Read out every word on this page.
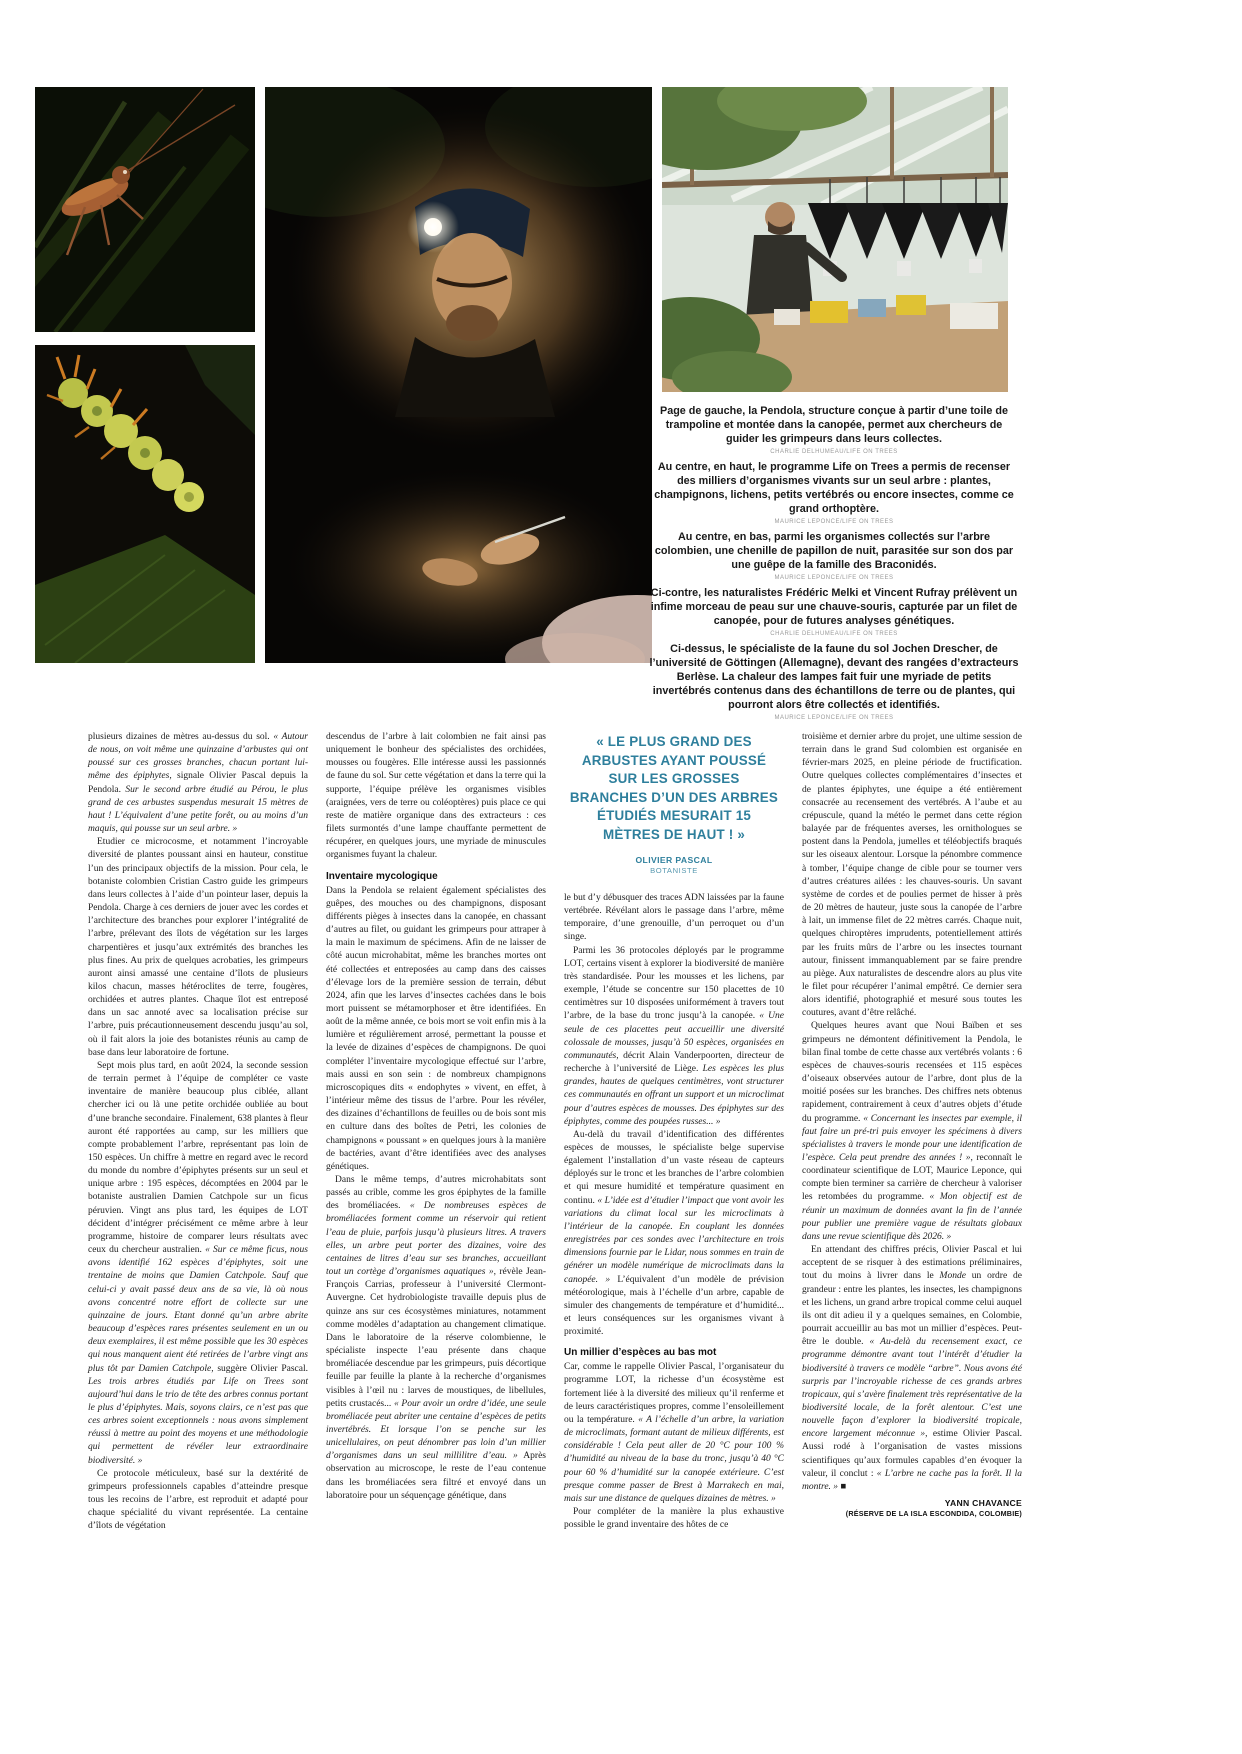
Page de gauche, la Pendola, structure conçue à partir d’une toile de trampoline et montée dans la canopée, permet aux chercheurs de guider les grimpeurs dans leurs collectes.

CHARLIE DELHUMEAU/LIFE ON TREES

Au centre, en haut, le programme Life on Trees a permis de recenser des milliers d’organismes vivants sur un seul arbre : plantes, champignons, lichens, petits vertébrés ou encore insectes, comme ce grand orthoptère.

MAURICE LEPONCE/LIFE ON TREES

Au centre, en bas, parmi les organismes collectés sur l’arbre colombien, une chenille de papillon de nuit, parasitée sur son dos par une guêpe de la famille des Braconidés.

MAURICE LEPONCE/LIFE ON TREES

Ci-contre, les naturalistes Frédéric Melki et Vincent Rufray prélèvent un infime morceau de peau sur une chauve-souris, capturée par un filet de canopée, pour de futures analyses génétiques.

CHARLIE DELHUMEAU/LIFE ON TREES

Ci-dessus, le spécialiste de la faune du sol Jochen Drescher, de l’université de Göttingen (Allemagne), devant des rangées d’extracteurs Berlèse. La chaleur des lampes fait fuir une myriade de petits invertébrés contenus dans des échantillons de terre ou de plantes, qui pourront alors être collectés et identifiés.

MAURICE LEPONCE/LIFE ON TREES

plusieurs dizaines de mètres au-dessus du sol. « Autour de nous, on voit même une quinzaine d’arbustes qui ont poussé sur ces grosses branches, chacun portant lui-même des épiphytes, signale Olivier Pascal depuis la Pendola. Sur le second arbre étudié au Pérou, le plus grand de ces arbustes suspendus mesurait 15 mètres de haut ! L’équivalent d’une petite forêt, ou au moins d’un maquis, qui pousse sur un seul arbre. »

Etudier ce microcosme, et notamment l’incroyable diversité de plantes poussant ainsi en hauteur, constitue l’un des principaux objectifs de la mission. Pour cela, le botaniste colombien Cristian Castro guide les grimpeurs dans leurs collectes à l’aide d’un pointeur laser, depuis la Pendola. Charge à ces derniers de jouer avec les cordes et l’architecture des branches pour explorer l’intégralité de l’arbre, prélevant des îlots de végétation sur les larges charpentières et jusqu’aux extrémités des branches les plus fines. Au prix de quelques acrobaties, les grimpeurs auront ainsi amassé une centaine d’îlots de plusieurs kilos chacun, masses hétéroclites de terre, fougères, orchidées et autres plantes. Chaque îlot est entreposé dans un sac annoté avec sa localisation précise sur l’arbre, puis précautionneusement descendu jusqu’au sol, où il fait alors la joie des botanistes réunis au camp de base dans leur laboratoire de fortune.

Sept mois plus tard, en août 2024, la seconde session de terrain permet à l’équipe de compléter ce vaste inventaire de manière beaucoup plus ciblée, allant chercher ici ou là une petite orchidée oubliée au bout d’une branche secondaire. Finalement, 638 plantes à fleur auront été rapportées au camp, sur les milliers que compte probablement l’arbre, représentant pas loin de 150 espèces. Un chiffre à mettre en regard avec le record du monde du nombre d’épiphytes présents sur un seul et unique arbre : 195 espèces, décomptées en 2004 par le botaniste australien Damien Catchpole sur un ficus péruvien. Vingt ans plus tard, les équipes de LOT décident d’intégrer précisément ce même arbre à leur programme, histoire de comparer leurs résultats avec ceux du chercheur australien. « Sur ce même ficus, nous avons identifié 162 espèces d’épiphytes, soit une trentaine de moins que Damien Catchpole. Sauf que celui-ci y avait passé deux ans de sa vie, là où nous avons concentré notre effort de collecte sur une quinzaine de jours. Etant donné qu’un arbre abrite beaucoup d’espèces rares présentes seulement en un ou deux exemplaires, il est même possible que les 30 espèces qui nous manquent aient été retirées de l’arbre vingt ans plus tôt par Damien Catchpole, suggère Olivier Pascal. Les trois arbres étudiés par Life on Trees sont aujourd’hui dans le trio de tête des arbres connus portant le plus d’épiphytes. Mais, soyons clairs, ce n’est pas que ces arbres soient exceptionnels : nous avons simplement réussi à mettre au point des moyens et une méthodologie qui permettent de révéler leur extraordinaire biodiversité. »

Ce protocole méticuleux, basé sur la dextérité de grimpeurs professionnels capables d’atteindre presque tous les recoins de l’arbre, est reproduit et adapté pour chaque spécialité du vivant représentée. La centaine d’îlots de végétation

descendus de l’arbre à lait colombien ne fait ainsi pas uniquement le bonheur des spécialistes des orchidées, mousses ou fougères. Elle intéresse aussi les passionnés de faune du sol. Sur cette végétation et dans la terre qui la supporte, l’équipe prélève les organismes visibles (araignées, vers de terre ou coléoptères) puis place ce qui reste de matière organique dans des extracteurs : ces filets surmontés d’une lampe chauffante permettent de récupérer, en quelques jours, une myriade de minuscules organismes fuyant la chaleur.

Inventaire mycologique

Dans la Pendola se relaient également spécialistes des guêpes, des mouches ou des champignons, disposant différents pièges à insectes dans la canopée, en chassant d’autres au filet, ou guidant les grimpeurs pour attraper à la main le maximum de spécimens. Afin de ne laisser de côté aucun microhabitat, même les branches mortes ont été collectées et entreposées au camp dans des caisses d’élevage lors de la première session de terrain, début 2024, afin que les larves d’insectes cachées dans le bois mort puissent se métamorphoser et être identifiées. En août de la même année, ce bois mort se voit enfin mis à la lumière et régulièrement arrosé, permettant la pousse et la levée de dizaines d’espèces de champignons. De quoi compléter l’inventaire mycologique effectué sur l’arbre, mais aussi en son sein : de nombreux champignons microscopiques dits « endophytes » vivent, en effet, à l’intérieur même des tissus de l’arbre. Pour les révéler, des dizaines d’échantillons de feuilles ou de bois sont mis en culture dans des boîtes de Petri, les colonies de champignons « poussant » en quelques jours à la manière de bactéries, avant d’être identifiées avec des analyses génétiques.

Dans le même temps, d’autres microhabitats sont passés au crible, comme les gros épiphytes de la famille des broméliacées. « De nombreuses espèces de broméliacées forment comme un réservoir qui retient l’eau de pluie, parfois jusqu’à plusieurs litres. A travers elles, un arbre peut porter des dizaines, voire des centaines de litres d’eau sur ses branches, accueillant tout un cortège d’organismes aquatiques », révèle Jean-François Carrias, professeur à l’université Clermont-Auvergne. Cet hydrobiologiste travaille depuis plus de quinze ans sur ces écosystèmes miniatures, notamment comme modèles d’adaptation au changement climatique. Dans le laboratoire de la réserve colombienne, le spécialiste inspecte l’eau présente dans chaque broméliacée descendue par les grimpeurs, puis décortique feuille par feuille la plante à la recherche d’organismes visibles à l’œil nu : larves de moustiques, de libellules, petits crustacés... « Pour avoir un ordre d’idée, une seule broméliacée peut abriter une centaine d’espèces de petits invertébrés. Et lorsque l’on se penche sur les unicellulaires, on peut dénombrer pas loin d’un millier d’organismes dans un seul millilitre d’eau. » Après observation au microscope, le reste de l’eau contenue dans les broméliacées sera filtré et envoyé dans un laboratoire pour un séquençage génétique, dans

« LE PLUS GRAND DES ARBUSTES AYANT POUSSÉ SUR LES GROSSES BRANCHES D’UN DES ARBRES ÉTUDIÉS MESURAIT 15 MÈTRES DE HAUT ! »
OLIVIER PASCAL
BOTANISTE

le but d’y débusquer des traces ADN laissées par la faune vertébrée. Révélant alors le passage dans l’arbre, même temporaire, d’une grenouille, d’un perroquet ou d’un singe.

Parmi les 36 protocoles déployés par le programme LOT, certains visent à explorer la biodiversité de manière très standardisée. Pour les mousses et les lichens, par exemple, l’étude se concentre sur 150 placettes de 10 centimètres sur 10 disposées uniformément à travers tout l’arbre, de la base du tronc jusqu’à la canopée. « Une seule de ces placettes peut accueillir une diversité colossale de mousses, jusqu’à 50 espèces, organisées en communautés, décrit Alain Vanderpoorten, directeur de recherche à l’université de Liège. Les espèces les plus grandes, hautes de quelques centimètres, vont structurer ces communautés en offrant un support et un microclimat pour d’autres espèces de mousses. Des épiphytes sur des épiphytes, comme des poupées russes... »

Au-delà du travail d’identification des différentes espèces de mousses, le spécialiste belge supervise également l’installation d’un vaste réseau de capteurs déployés sur le tronc et les branches de l’arbre colombien et qui mesure humidité et température quasiment en continu. « L’idée est d’étudier l’impact que vont avoir les variations du climat local sur les microclimats à l’intérieur de la canopée. En couplant les données enregistrées par ces sondes avec l’architecture en trois dimensions fournie par le Lidar, nous sommes en train de générer un modèle numérique de microclimats dans la canopée. » L’équivalent d’un modèle de prévision météorologique, mais à l’échelle d’un arbre, capable de simuler des changements de température et d’humidité... et leurs conséquences sur les organismes vivant à proximité.

Un millier d’espèces au bas mot

Car, comme le rappelle Olivier Pascal, l’organisateur du programme LOT, la richesse d’un écosystème est fortement liée à la diversité des milieux qu’il renferme et de leurs caractéristiques propres, comme l’ensoleillement ou la température. « A l’échelle d’un arbre, la variation de microclimats, formant autant de milieux différents, est considérable ! Cela peut aller de 20 °C pour 100 % d’humidité au niveau de la base du tronc, jusqu’à 40 °C pour 60 % d’humidité sur la canopée extérieure. C’est presque comme passer de Brest à Marrakech en mai, mais sur une distance de quelques dizaines de mètres. »

Pour compléter de la manière la plus exhaustive possible le grand inventaire des hôtes de ce

troisième et dernier arbre du projet, une ultime session de terrain dans le grand Sud colombien est organisée en février-mars 2025, en pleine période de fructification. Outre quelques collectes complémentaires d’insectes et de plantes épiphytes, une équipe a été entièrement consacrée au recensement des vertébrés. A l’aube et au crépuscule, quand la météo le permet dans cette région balayée par de fréquentes averses, les ornithologues se postent dans la Pendola, jumelles et téléobjectifs braqués sur les oiseaux alentour. Lorsque la pénombre commence à tomber, l’équipe change de cible pour se tourner vers d’autres créatures ailées : les chauves-souris. Un savant système de cordes et de poulies permet de hisser à près de 20 mètres de hauteur, juste sous la canopée de l’arbre à lait, un immense filet de 22 mètres carrés. Chaque nuit, quelques chiroptères imprudents, potentiellement attirés par les fruits mûrs de l’arbre ou les insectes tournant autour, finissent immanquablement par se faire prendre au piège. Aux naturalistes de descendre alors au plus vite le filet pour récupérer l’animal empêtré. Ce dernier sera alors identifié, photographié et mesuré sous toutes les coutures, avant d’être relâché.

Quelques heures avant que Noui Baïben et ses grimpeurs ne démontent définitivement la Pendola, le bilan final tombe de cette chasse aux vertébrés volants : 6 espèces de chauves-souris recensées et 115 espèces d’oiseaux observées autour de l’arbre, dont plus de la moitié posées sur les branches. Des chiffres nets obtenus rapidement, contrairement à ceux d’autres objets d’étude du programme. « Concernant les insectes par exemple, il faut faire un pré-tri puis envoyer les spécimens à divers spécialistes à travers le monde pour une identification de l’espèce. Cela peut prendre des années ! », reconnaît le coordinateur scientifique de LOT, Maurice Leponce, qui compte bien terminer sa carrière de chercheur à valoriser les retombées du programme. « Mon objectif est de réunir un maximum de données avant la fin de l’année pour publier une première vague de résultats globaux dans une revue scientifique dès 2026. »

En attendant des chiffres précis, Olivier Pascal et lui acceptent de se risquer à des estimations préliminaires, tout du moins à livrer dans le Monde un ordre de grandeur : entre les plantes, les insectes, les champignons et les lichens, un grand arbre tropical comme celui auquel ils ont dit adieu il y a quelques semaines, en Colombie, pourrait accueillir au bas mot un millier d’espèces. Peut-être le double. « Au-delà du recensement exact, ce programme démontre avant tout l’intérêt d’étudier la biodiversité à travers ce modèle “arbre”. Nous avons été surpris par l’incroyable richesse de ces grands arbres tropicaux, qui s’avère finalement très représentative de la biodiversité locale, de la forêt alentour. C’est une nouvelle façon d’explorer la biodiversité tropicale, encore largement méconnue », estime Olivier Pascal. Aussi rodé à l’organisation de vastes missions scientifiques qu’aux formules capables d’en évoquer la valeur, il conclut : « L’arbre ne cache pas la forêt. Il la montre. » ■

YANN CHAVANCE
(RÉSERVE DE LA ISLA ESCONDIDA, COLOMBIE)
